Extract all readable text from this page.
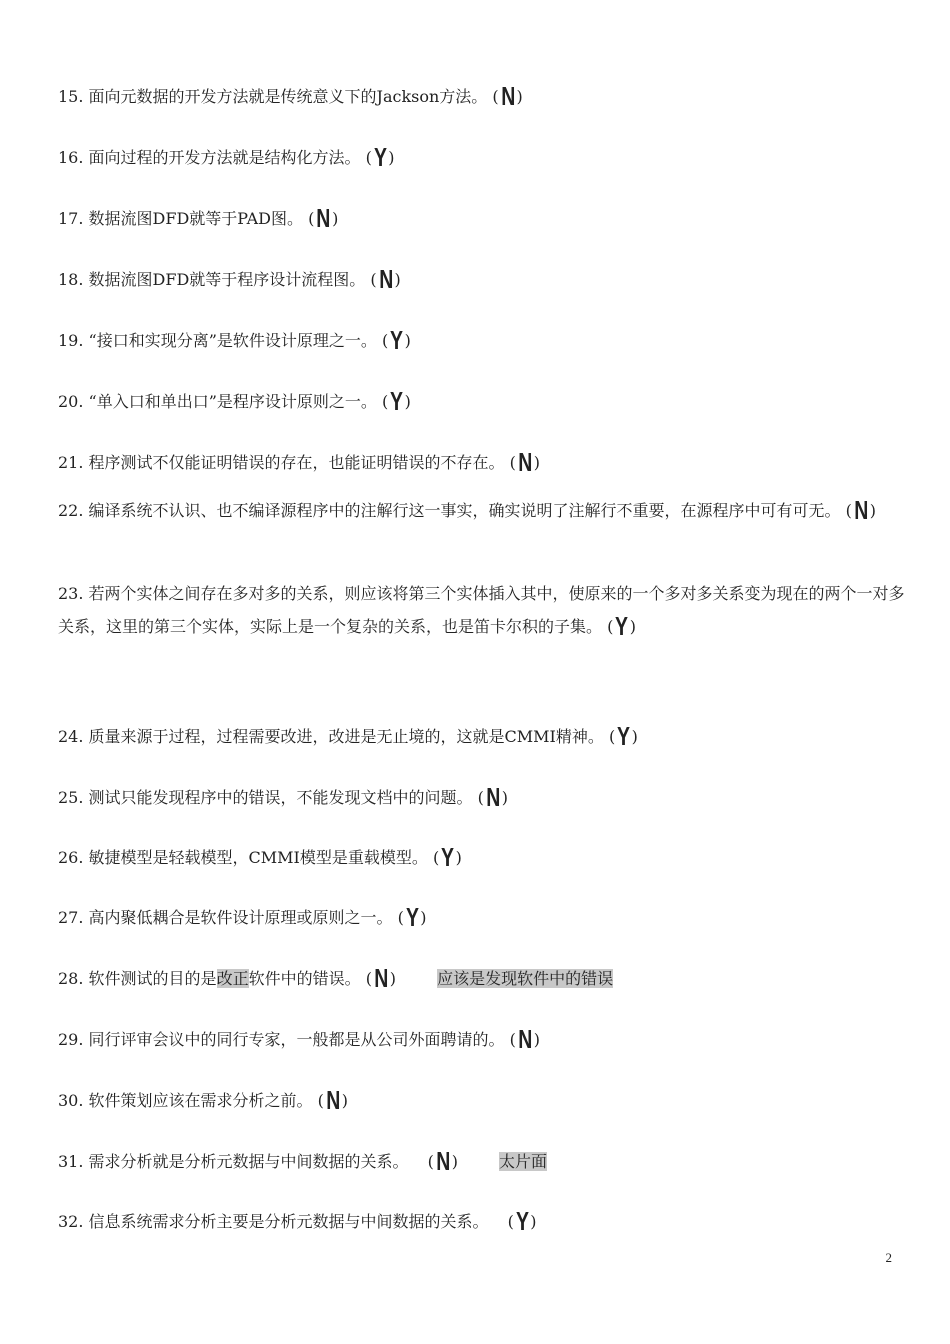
15. 面向元数据的开发方法就是传统意义下的Jackson方法。 (N )
16. 面向过程的开发方法就是结构化方法。 (Y )
17. 数据流图DFD就等于PAD图。 (N )
18. 数据流图DFD就等于程序设计流程图。 (N )
19. “接口和实现分离”是软件设计原理之一。 (Y )
20. “单入口和单出口”是程序设计原则之一。 (Y )
21. 程序测试不仅能证明错误的存在，也能证明错误的不存在。 (N )
22. 编译系统不认识、也不编译源程序中的注解行这一事实，确实说明了注解行不重要，在源程序中可有可无。 (N )
23. 若两个实体之间存在多对多的关系，则应该将第三个实体插入其中，使原来的一个多对多关系变为现在的两个一对多关系，这里的第三个实体，实际上是一个复杂的关系，也是笛卡尔积的子集。 (Y )
24. 质量来源于过程，过程需要改进，改进是无止境的，这就是CMMI精神。 (Y )
25. 测试只能发现程序中的错误，不能发现文档中的问题。 (N )
26. 敏捷模型是轻载模型，CMMI模型是重载模型。 (Y )
27. 高内聚低耦合是软件设计原理或原则之一。 (Y )
28. 软件测试的目的是改正软件中的错误。 (N )	应该是发现软件中的错误
29. 同行评审会议中的同行专家，一般都是从公司外面聘请的。 (N )
30. 软件策划应该在需求分析之前。 (N )
31. 需求分析就是分析元数据与中间数据的关系。 (N )	太片面
32. 信息系统需求分析主要是分析元数据与中间数据的关系。 (Y )
2
